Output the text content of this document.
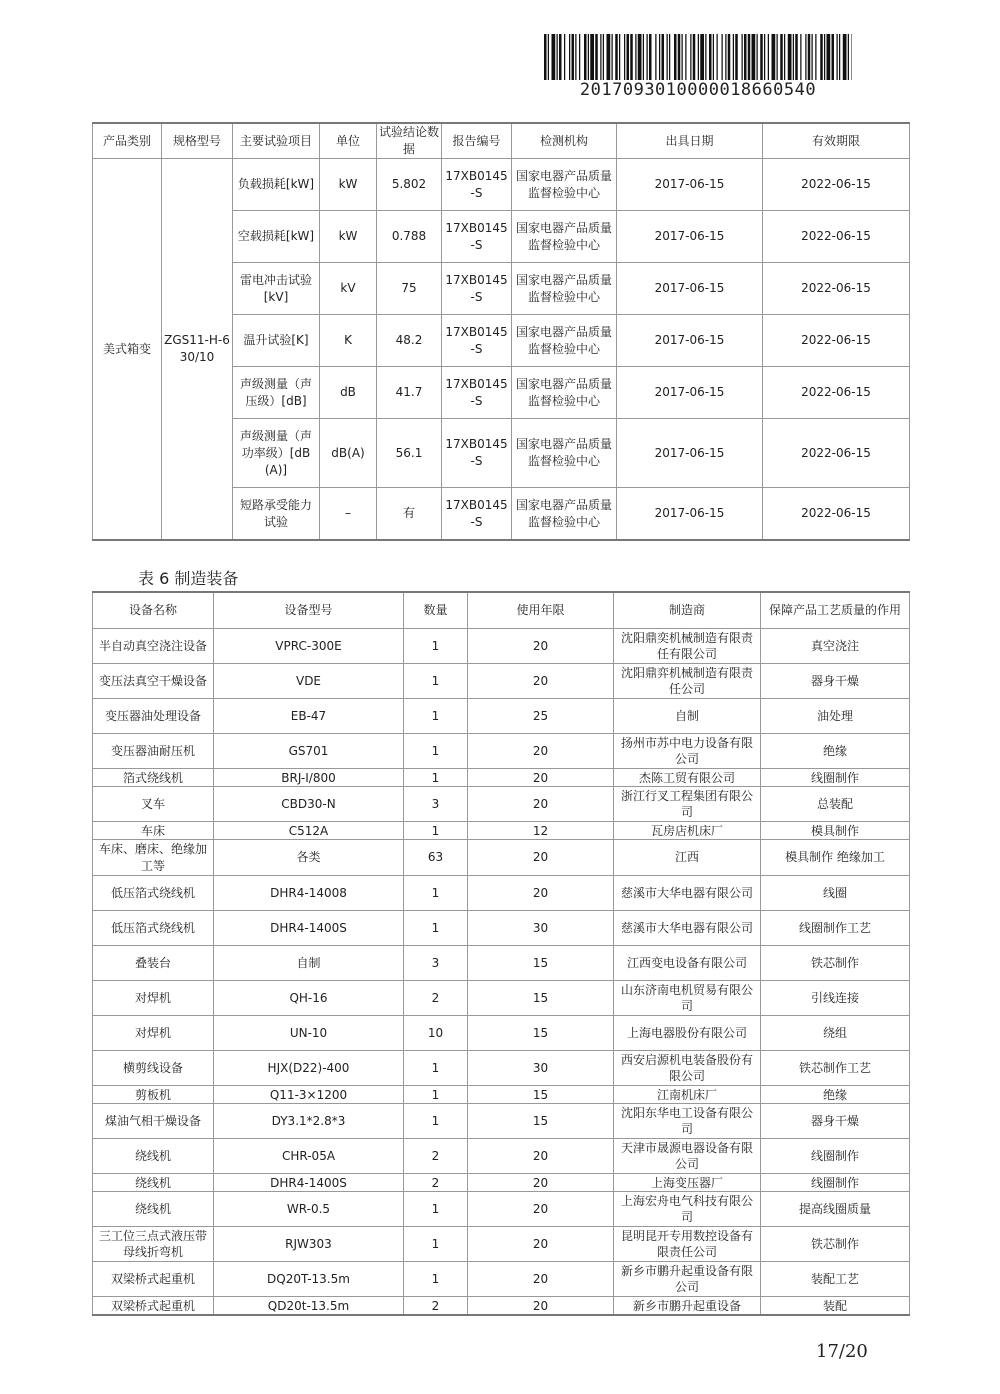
2017093010000018660540
产品类别	规格型号	主要试验项目	单位	试验结论数据	报告编号	检测机构	出具日期	有效期限
美式箱变	ZGS11-H-630/10	负载损耗[kW]	kW	5.802	17XB0145-S	国家电器产品质量监督检验中心	2017-06-15	2022-06-15
		空载损耗[kW]	kW	0.788	17XB0145-S	国家电器产品质量监督检验中心	2017-06-15	2022-06-15
		雷电冲击试验[kV]	kV	75	17XB0145-S	国家电器产品质量监督检验中心	2017-06-15	2022-06-15
		温升试验[K]	K	48.2	17XB0145-S	国家电器产品质量监督检验中心	2017-06-15	2022-06-15
		声级测量（声压级）[dB]	dB	41.7	17XB0145-S	国家电器产品质量监督检验中心	2017-06-15	2022-06-15
		声级测量（声功率级）[dB(A)]	dB(A)	56.1	17XB0145-S	国家电器产品质量监督检验中心	2017-06-15	2022-06-15
		短路承受能力试验	–	有	17XB0145-S	国家电器产品质量监督检验中心	2017-06-15	2022-06-15
表 6 制造装备
设备名称	设备型号	数量	使用年限	制造商	保障产品工艺质量的作用
半自动真空浇注设备	VPRC-300E	1	20	沈阳鼎奕机械制造有限责任有限公司	真空浇注
变压法真空干燥设备	VDE	1	20	沈阳鼎弈机械制造有限责任公司	器身干燥
变压器油处理设备	EB-47	1	25	自制	油处理
变压器油耐压机	GS701	1	20	扬州市苏中电力设备有限公司	绝缘
箔式绕线机	BRJ-I/800	1	20	杰陈工贸有限公司	线圈制作
叉车	CBD30-N	3	20	浙江行叉工程集团有限公司	总装配
车床	C512A	1	12	瓦房店机床厂	模具制作
车床、磨床、绝缘加工等	各类	63	20	江西	模具制作 绝缘加工
低压箔式绕线机	DHR4-14008	1	20	慈溪市大华电器有限公司	线圈
低压箔式绕线机	DHR4-1400S	1	30	慈溪市大华电器有限公司	线圈制作工艺
叠装台	自制	3	15	江西变电设备有限公司	铁芯制作
对焊机	QH-16	2	15	山东济南电机贸易有限公司	引线连接
对焊机	UN-10	10	15	上海电器股份有限公司	绕组
横剪线设备	HJX(D22)-400	1	30	西安启源机电装备股份有限公司	铁芯制作工艺
剪板机	Q11-3×1200	1	15	江南机床厂	绝缘
煤油气相干燥设备	DY3.1*2.8*3	1	15	沈阳东华电工设备有限公司	器身干燥
绕线机	CHR-05A	2	20	天津市晟源电器设备有限公司	线圈制作
绕线机	DHR4-1400S	2	20	上海变压器厂	线圈制作
绕线机	WR-0.5	1	20	上海宏舟电气科技有限公司	提高线圈质量
三工位三点式液压带母线折弯机	RJW303	1	20	昆明昆开专用数控设备有限责任公司	铁芯制作
双梁桥式起重机	DQ20T-13.5m	1	20	新乡市鹏升起重设备有限公司	装配工艺
双梁桥式起重机	QD20t-13.5m	2	20	新乡市鹏升起重设备	装配
17/20
